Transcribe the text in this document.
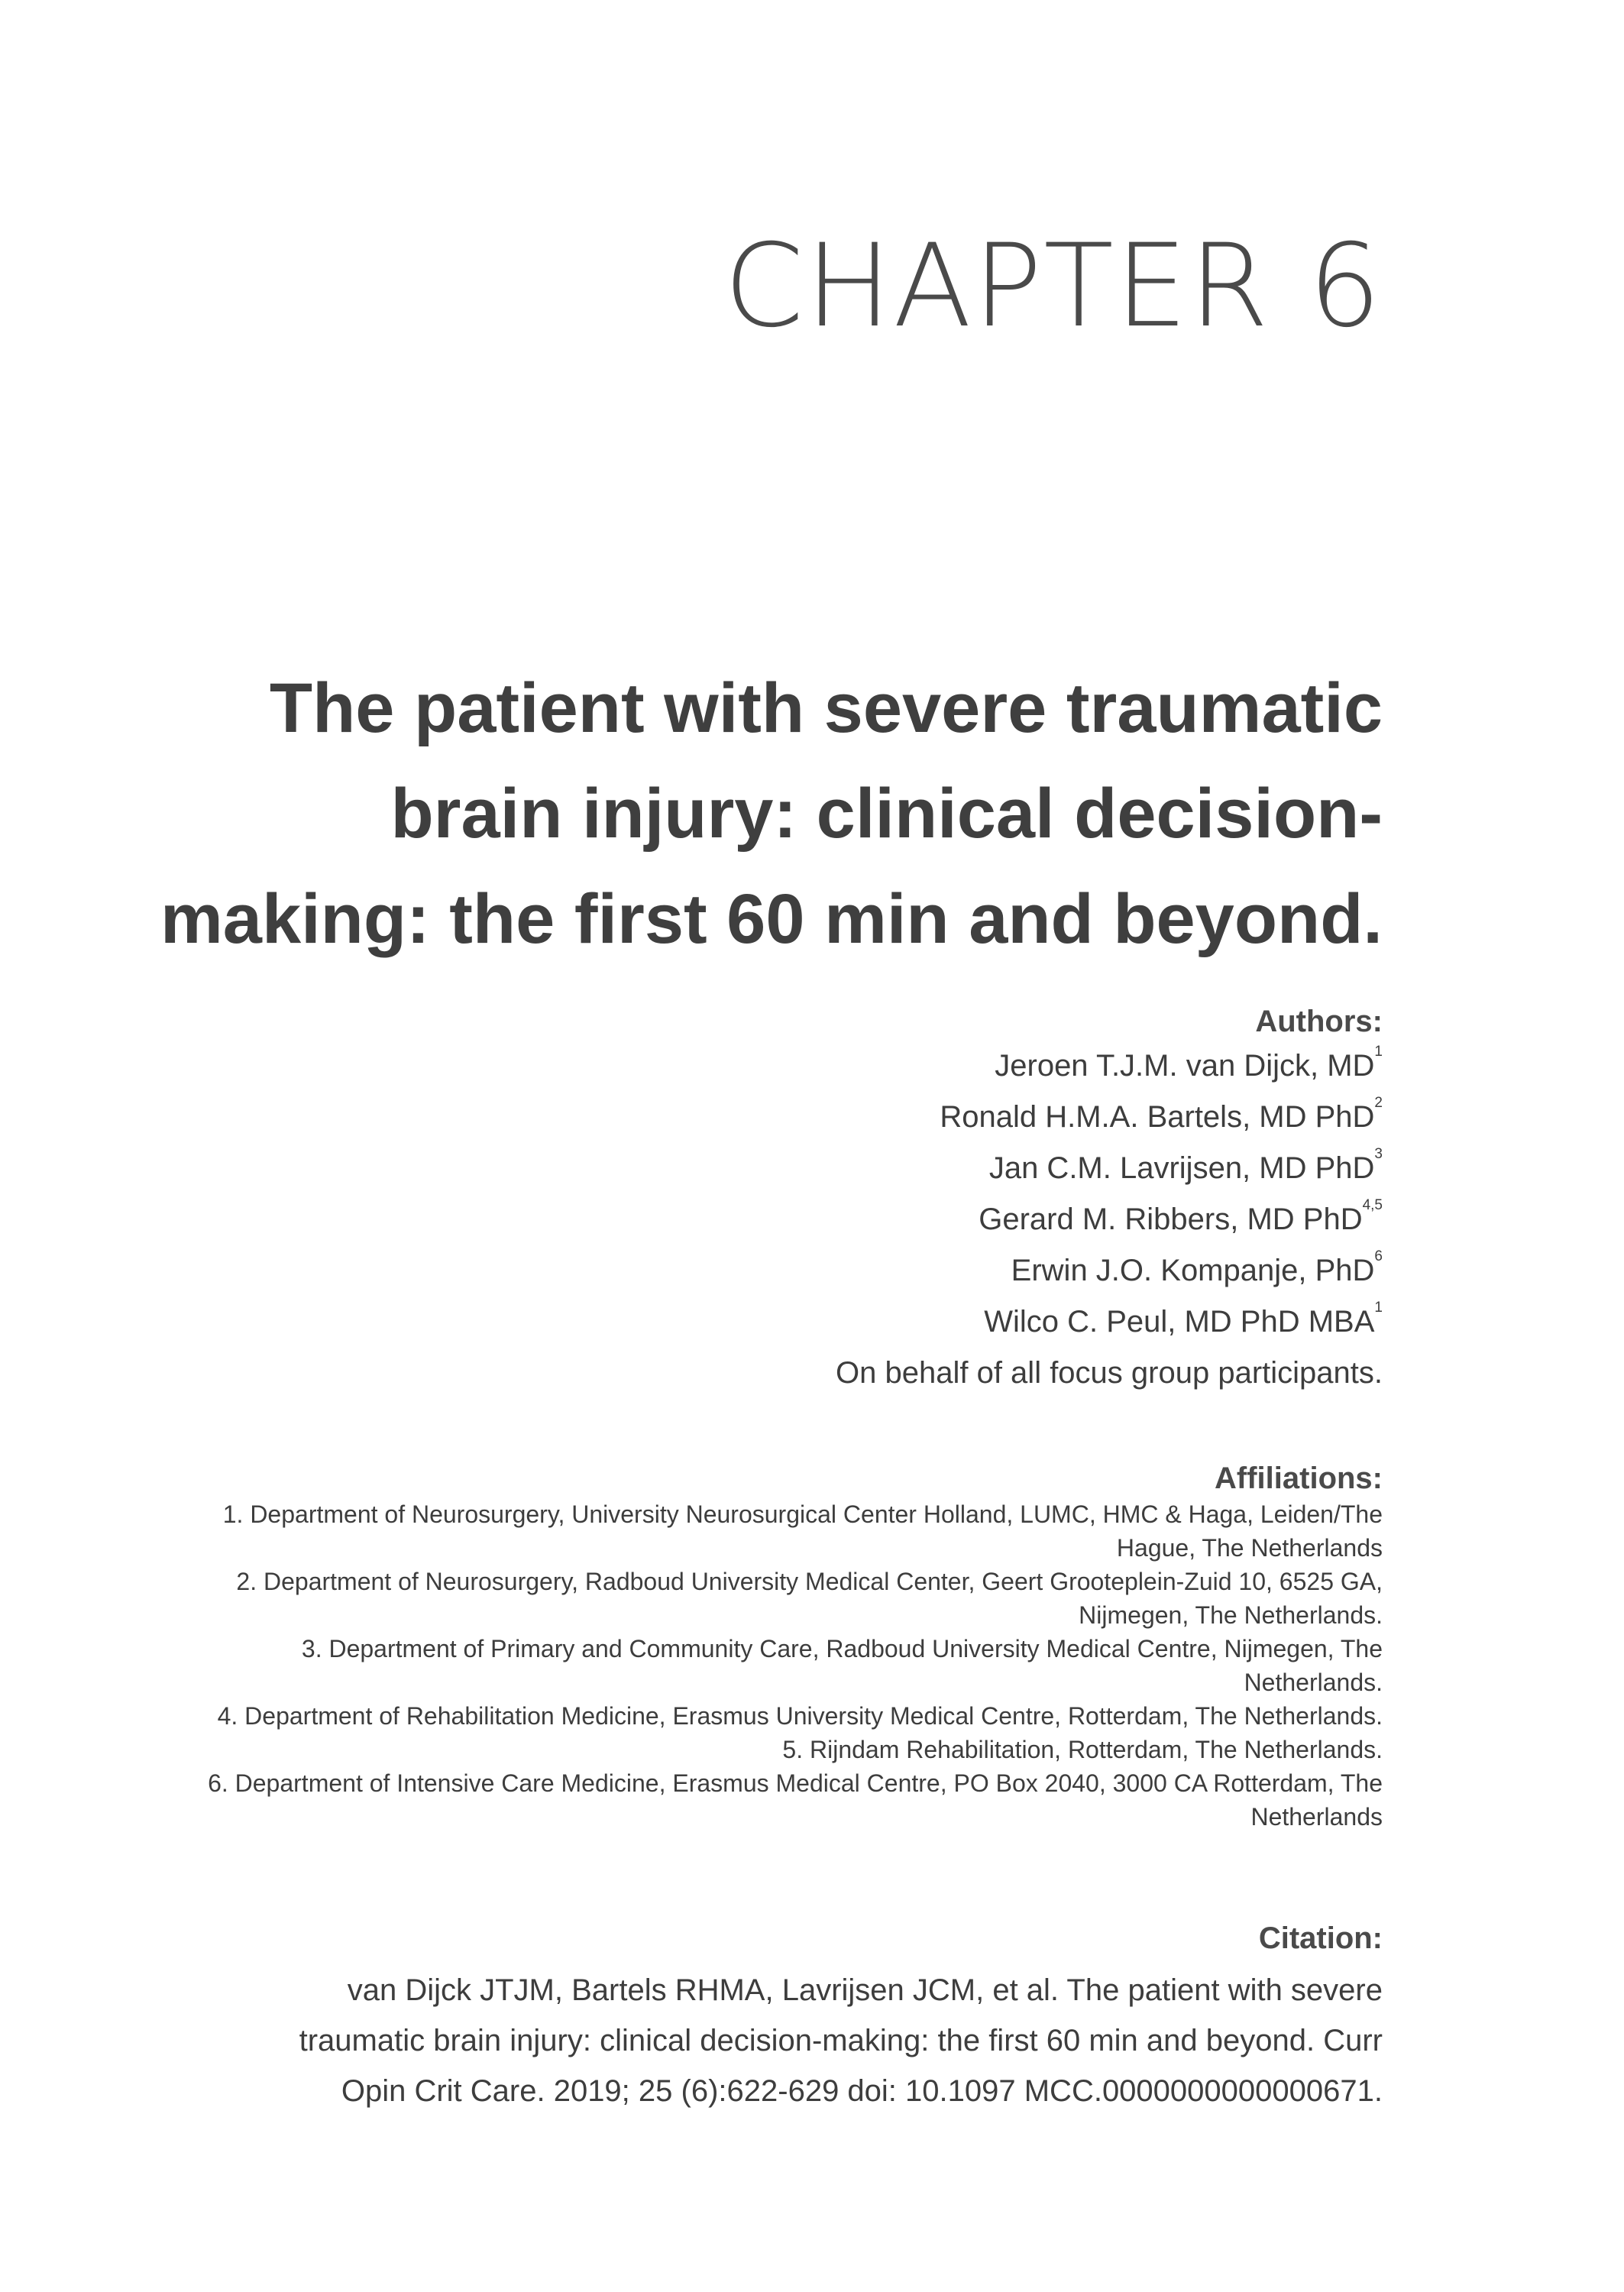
CHAPTER 6
The patient with severe traumatic
brain injury: clinical decision-
making: the first 60 min and beyond.
Authors:
Jeroen T.J.M. van Dijck, $MD^1$
Ronald H.M.A. Bartels, MD PhD$^2$
Jan C.M. Lavrijsen, MD PhD$^3$
Gerard M. Ribbers, MD PhD$^{4,5}$
Erwin J.O. Kompanje, PhD$^6$
Wilco C. Peul, MD PhD MBA$^1$
On behalf of all focus group participants.
Affiliations:
1. Department of Neurosurgery, University Neurosurgical Center Holland, LUMC, HMC & Haga, Leiden/The Hague, The Netherlands
2. Department of Neurosurgery, Radboud University Medical Center, Geert Grooteplein-Zuid 10, 6525 GA, Nijmegen, The Netherlands.
3. Department of Primary and Community Care, Radboud University Medical Centre, Nijmegen, The Netherlands.
4. Department of Rehabilitation Medicine, Erasmus University Medical Centre, Rotterdam, The Netherlands.
5. Rijndam Rehabilitation, Rotterdam, The Netherlands.
6. Department of Intensive Care Medicine, Erasmus Medical Centre, PO Box 2040, 3000 CA Rotterdam, The Netherlands
Citation:
van Dijck JTJM, Bartels RHMA, Lavrijsen JCM, et al. The patient with severe traumatic brain injury: clinical decision-making: the first 60 min and beyond. Curr Opin Crit Care. 2019; 25 (6):622-629 doi: 10.1097 MCC.0000000000000671.
